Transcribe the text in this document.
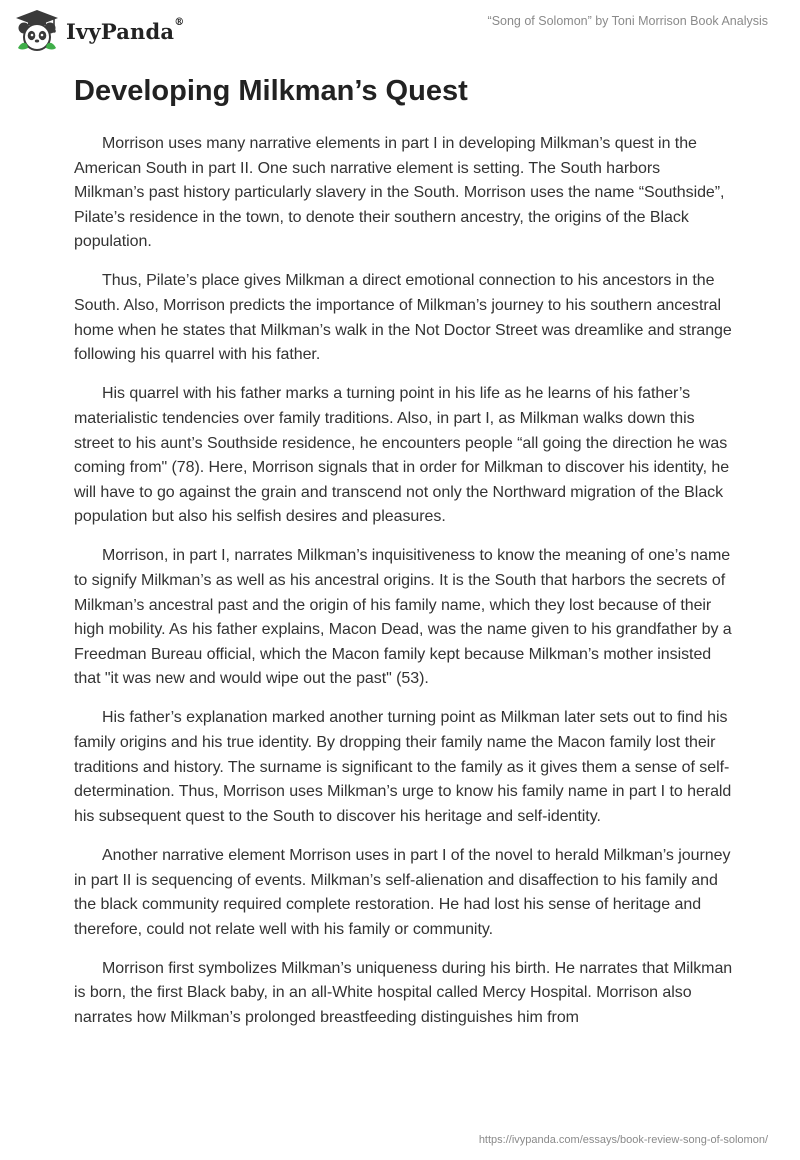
IvyPanda®	“Song of Solomon” by Toni Morrison Book Analysis
Developing Milkman’s Quest

Morrison uses many narrative elements in part I in developing Milkman’s quest in the American South in part II. One such narrative element is setting. The South harbors Milkman’s past history particularly slavery in the South. Morrison uses the name “Southside”, Pilate’s residence in the town, to denote their southern ancestry, the origins of the Black population.

Thus, Pilate’s place gives Milkman a direct emotional connection to his ancestors in the South. Also, Morrison predicts the importance of Milkman’s journey to his southern ancestral home when he states that Milkman’s walk in the Not Doctor Street was dreamlike and strange following his quarrel with his father.

His quarrel with his father marks a turning point in his life as he learns of his father’s materialistic tendencies over family traditions. Also, in part I, as Milkman walks down this street to his aunt’s Southside residence, he encounters people “all going the direction he was coming from" (78). Here, Morrison signals that in order for Milkman to discover his identity, he will have to go against the grain and transcend not only the Northward migration of the Black population but also his selfish desires and pleasures.

Morrison, in part I, narrates Milkman’s inquisitiveness to know the meaning of one’s name to signify Milkman’s as well as his ancestral origins. It is the South that harbors the secrets of Milkman’s ancestral past and the origin of his family name, which they lost because of their high mobility. As his father explains, Macon Dead, was the name given to his grandfather by a Freedman Bureau official, which the Macon family kept because Milkman’s mother insisted that "it was new and would wipe out the past" (53).

His father’s explanation marked another turning point as Milkman later sets out to find his family origins and his true identity. By dropping their family name the Macon family lost their traditions and history. The surname is significant to the family as it gives them a sense of self-determination. Thus, Morrison uses Milkman’s urge to know his family name in part I to herald his subsequent quest to the South to discover his heritage and self-identity.

Another narrative element Morrison uses in part I of the novel to herald Milkman’s journey in part II is sequencing of events. Milkman’s self-alienation and disaffection to his family and the black community required complete restoration. He had lost his sense of heritage and therefore, could not relate well with his family or community.

Morrison first symbolizes Milkman’s uniqueness during his birth. He narrates that Milkman is born, the first Black baby, in an all-White hospital called Mercy Hospital. Morrison also narrates how Milkman’s prolonged breastfeeding distinguishes him from

https://ivypanda.com/essays/book-review-song-of-solomon/
